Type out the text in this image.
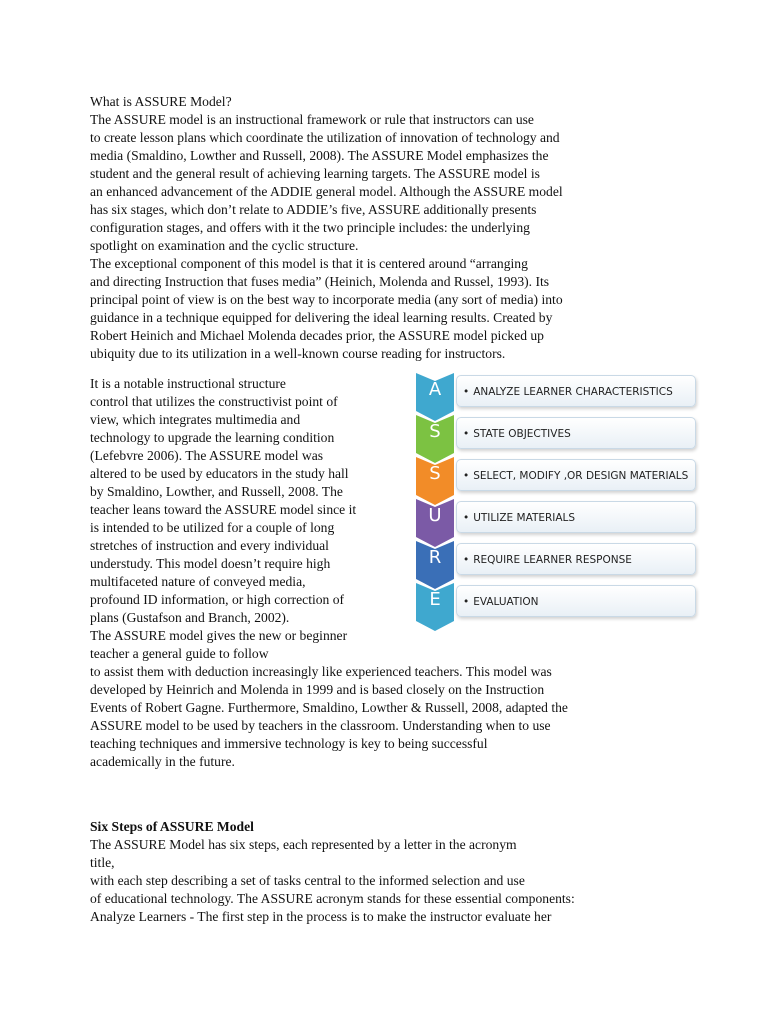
What is ASSURE Model?
The ASSURE model is an instructional framework or rule that instructors can use
to create lesson plans which coordinate the utilization of innovation of technology and
media (Smaldino, Lowther and Russell, 2008). The ASSURE Model emphasizes the
student and the general result of achieving learning targets. The ASSURE model is
an enhanced advancement of the ADDIE general model. Although the ASSURE model
has six stages, which don’t relate to ADDIE’s five, ASSURE additionally presents
configuration stages, and offers with it the two principle includes: the underlying
spotlight on examination and the cyclic structure.
The exceptional component of this model is that it is centered around “arranging
and directing Instruction that fuses media” (Heinich, Molenda and Russel, 1993). Its
principal point of view is on the best way to incorporate media (any sort of media) into
guidance in a technique equipped for delivering the ideal learning results. Created by
Robert Heinich and Michael Molenda decades prior, the ASSURE model picked up
ubiquity due to its utilization in a well-known course reading for instructors.
It is a notable instructional structure
control that utilizes the constructivist point of
view, which integrates multimedia and
technology to upgrade the learning condition
(Lefebvre 2006). The ASSURE model was
altered to be used by educators in the study hall
by Smaldino, Lowther, and Russell, 2008. The
teacher leans toward the ASSURE model since it
is intended to be utilized for a couple of long
stretches of instruction and every individual
understudy. This model doesn’t require high
multifaceted nature of conveyed media,
profound ID information, or high correction of
plans (Gustafson and Branch, 2002).
The ASSURE model gives the new or beginner
teacher a general guide to follow
to assist them with deduction increasingly like experienced teachers. This model was
developed by Heinrich and Molenda in 1999 and is based closely on the Instruction
Events of Robert Gagne. Furthermore, Smaldino, Lowther & Russell, 2008, adapted the
ASSURE model to be used by teachers in the classroom. Understanding when to use
teaching techniques and immersive technology is key to being successful
academically in the future.
Six Steps of ASSURE Model
The ASSURE Model has six steps, each represented by a letter in the acronym
title,
with each step describing a set of tasks central to the informed selection and use
of educational technology. The ASSURE acronym stands for these essential components:
Analyze Learners - The first step in the process is to make the instructor evaluate her
A	• ANALYZE LEARNER CHARACTERISTICS
S	• STATE OBJECTIVES
S	• SELECT, MODIFY ,OR DESIGN MATERIALS
U	• UTILIZE MATERIALS
R	• REQUIRE LEARNER RESPONSE
E	• EVALUATION
